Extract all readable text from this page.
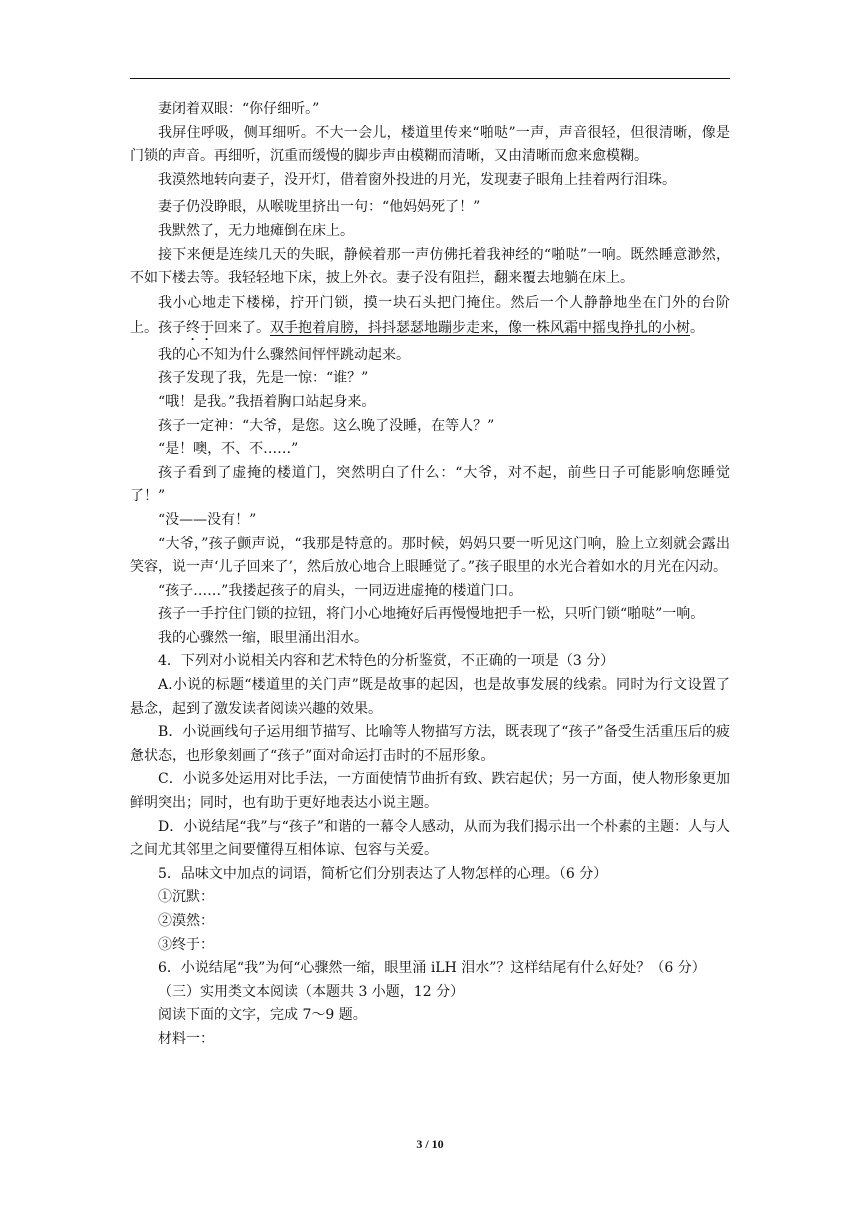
妻闭着双眼：“你仔细听。”

我屏住呼吸，侧耳细听。不大一会儿，楼道里传来“啪哒”一声，声音很轻，但很清晰，像是门锁的声音。再细听，沉重而缓慢的脚步声由模糊而清晰，又由清晰而愈来愈模糊。

我漠然地转向妻子，没开灯，借着窗外投进的月光，发现妻子眼角上挂着两行泪珠。

妻子仍没睁眼，从喉咙里挤出一句：“他妈妈死了！”

我默然了，无力地瘫倒在床上。

接下来便是连续几天的失眠，静候着那一声仿佛托着我神经的“啪哒”一响。既然睡意渺然，不如下楼去等。我轻轻地下床，披上外衣。妻子没有阻拦，翻来覆去地躺在床上。

我小心地走下楼梯，拧开门锁，摸一块石头把门掩住。然后一个人静静地坐在门外的台阶上。孩子终于回来了。双手抱着肩膀，抖抖瑟瑟地蹦步走来，像一株风霜中摇曳挣扎的小树。

我的心不知为什么骤然间怦怦跳动起来。

孩子发现了我，先是一惊：“谁？”

“哦！是我。”我捂着胸口站起身来。

孩子一定神：“大爷，是您。这么晚了没睡，在等人？”

“是！噢，不、不……”

孩子看到了虚掩的楼道门，突然明白了什么：“大爷，对不起，前些日子可能影响您睡觉了！”

“没——没有！”

“大爷，”孩子颤声说，“我那是特意的。那时候，妈妈只要一听见这门响，脸上立刻就会露出笑容，说一声‘儿子回来了’，然后放心地合上眼睡觉了。”孩子眼里的水光合着如水的月光在闪动。

“孩子……”我搂起孩子的肩头，一同迈进虚掩的楼道门口。

孩子一手拧住门锁的拉钮，将门小心地掩好后再慢慢地把手一松，只听门锁“啪哒”一响。

我的心骤然一缩，眼里涌出泪水。

4．下列对小说相关内容和艺术特色的分析鉴赏，不正确的一项是（3 分）

A.小说的标题“楼道里的关门声”既是故事的起因，也是故事发展的线索。同时为行文设置了悬念，起到了激发读者阅读兴趣的效果。

B．小说画线句子运用细节描写、比喻等人物描写方法，既表现了“孩子”备受生活重压后的疲惫状态，也形象刻画了“孩子”面对命运打击时的不屈形象。

C．小说多处运用对比手法，一方面使情节曲折有致、跌宕起伏；另一方面，使人物形象更加鲜明突出；同时，也有助于更好地表达小说主题。

D．小说结尾“我”与“孩子”和谐的一幕令人感动，从而为我们揭示出一个朴素的主题：人与人之间尤其邻里之间要懂得互相体谅、包容与关爱。

5．品味文中加点的词语，简析它们分别表达了人物怎样的心理。（6 分）

①沉默：

②漠然：

③终于：

6．小说结尾“我”为何“心骤然一缩，眼里涌 iLH 泪水”？这样结尾有什么好处？（6 分）

（三）实用类文本阅读（本题共 3 小题，12 分）

阅读下面的文字，完成 7～9 题。

材料一：

3 / 10
